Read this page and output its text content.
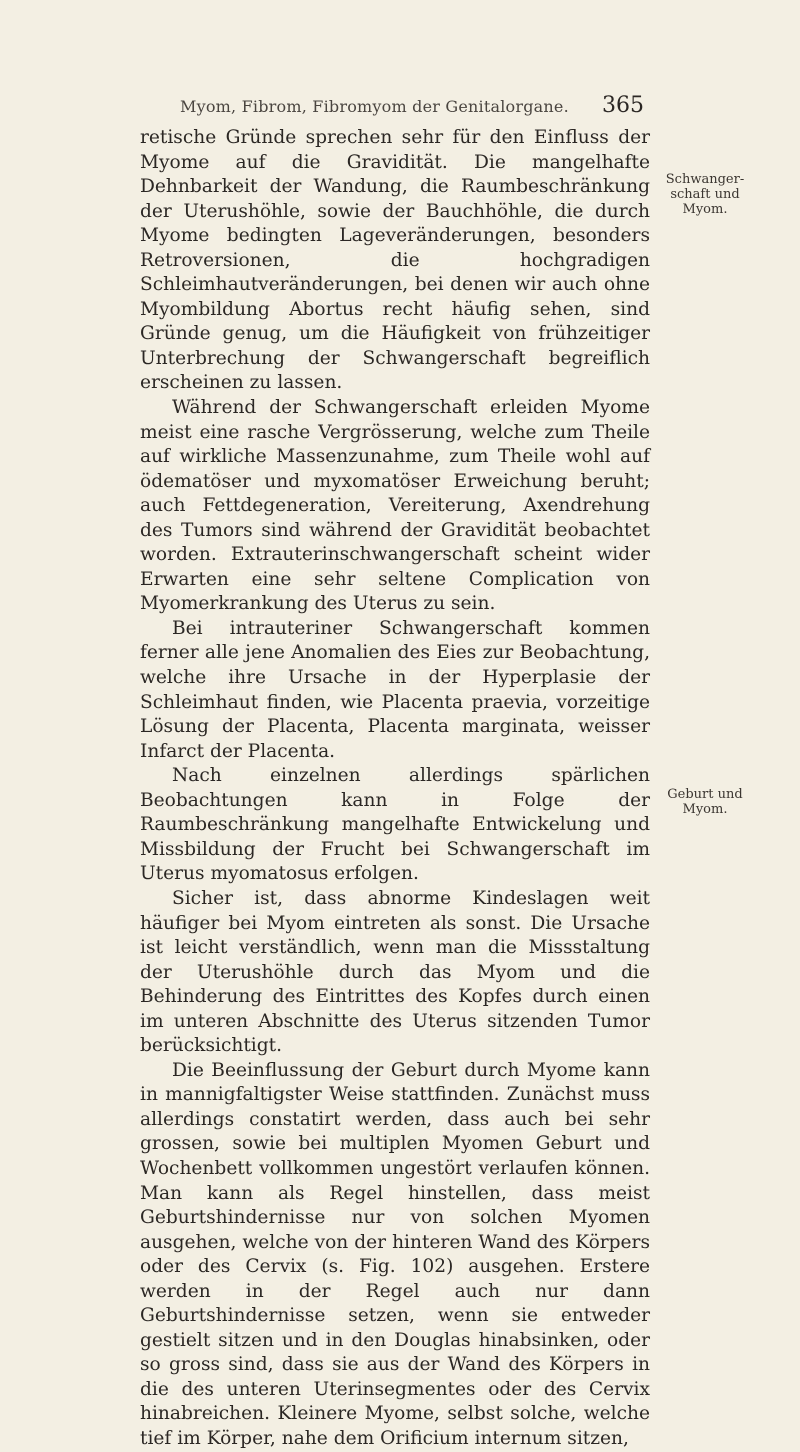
Myom, Fibrom, Fibromyom der Genitalorgane. 365

retische Gründe sprechen sehr für den Einfluss der Myome auf die Gravidität. Die mangelhafte Dehnbarkeit der Wandung, die Raumbeschränkung der Uterushöhle, sowie der Bauchhöhle, die durch Myome bedingten Lageveränderungen, besonders Retroversionen, die hochgradigen Schleimhautveränderungen, bei denen wir auch ohne Myombildung Abortus recht häufig sehen, sind Gründe genug, um die Häufigkeit von frühzeitiger Unterbrechung der Schwangerschaft begreiflich erscheinen zu lassen.

Während der Schwangerschaft erleiden Myome meist eine rasche Vergrösserung, welche zum Theile auf wirkliche Massenzunahme, zum Theile wohl auf ödematöser und myxomatöser Erweichung beruht; auch Fettdegeneration, Vereiterung, Axendrehung des Tumors sind während der Gravidität beobachtet worden. Extrauterinschwangerschaft scheint wider Erwarten eine sehr seltene Complication von Myomerkrankung des Uterus zu sein.

Bei intrauteriner Schwangerschaft kommen ferner alle jene Anomalien des Eies zur Beobachtung, welche ihre Ursache in der Hyperplasie der Schleimhaut finden, wie Placenta praevia, vorzeitige Lösung der Placenta, Placenta marginata, weisser Infarct der Placenta.

Nach einzelnen allerdings spärlichen Beobachtungen kann in Folge der Raumbeschränkung mangelhafte Entwickelung und Missbildung der Frucht bei Schwangerschaft im Uterus myomatosus erfolgen.

Sicher ist, dass abnorme Kindeslagen weit häufiger bei Myom eintreten als sonst. Die Ursache ist leicht verständlich, wenn man die Missstaltung der Uterushöhle durch das Myom und die Behinderung des Eintrittes des Kopfes durch einen im unteren Abschnitte des Uterus sitzenden Tumor berücksichtigt.

Die Beeinflussung der Geburt durch Myome kann in mannigfaltigster Weise stattfinden. Zunächst muss allerdings constatirt werden, dass auch bei sehr grossen, sowie bei multiplen Myomen Geburt und Wochenbett vollkommen ungestört verlaufen können. Man kann als Regel hinstellen, dass meist Geburtshindernisse nur von solchen Myomen ausgehen, welche von der hinteren Wand des Körpers oder des Cervix (s. Fig. 102) ausgehen. Erstere werden in der Regel auch nur dann Geburtshindernisse setzen, wenn sie entweder gestielt sitzen und in den Douglas hinabsinken, oder so gross sind, dass sie aus der Wand des Körpers in die des unteren Uterinsegmentes oder des Cervix hinabreichen. Kleinere Myome, selbst solche, welche tief im Körper, nahe dem Orificium internum sitzen,

Schwanger-schaft und Myom.
Geburt und Myom.
